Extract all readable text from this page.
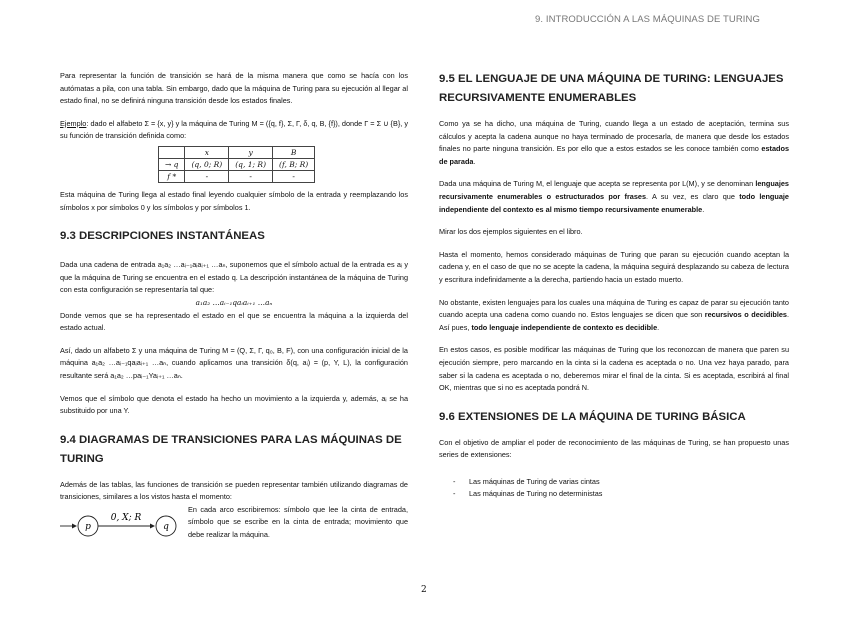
9. INTRODUCCIÓN A LAS MÁQUINAS DE TURING

Para representar la función de transición se hará de la misma manera que como se hacía con los autómatas a pila, con una tabla. Sin embargo, dado que la máquina de Turing para su ejecución al llegar al estado final, no se definirá ninguna transición desde los estados finales.

Ejemplo: dado el alfabeto Σ = {x, y} y la máquina de Turing M = ({q, f}, Σ, Γ, δ, q, B, {f}), donde Γ = Σ ∪ {B}, y su función de transición definida como:

	x	y	B
→ q	(q, 0; R)	(q, 1; R)	(f, B; R)
f *	-	-	-

Esta máquina de Turing llega al estado final leyendo cualquier símbolo de la entrada y reemplazando los símbolos x por símbolos 0 y los símbolos y por símbolos 1.

9.3 DESCRIPCIONES INSTANTÁNEAS

Dada una cadena de entrada a₁a₂ …aᵢ₋₁aᵢaᵢ₊₁ …aₙ, suponemos que el símbolo actual de la entrada es aᵢ y que la máquina de Turing se encuentra en el estado q. La descripción instantánea de la máquina de Turing con esta configuración se representaría tal que:

a₁a₂ …aᵢ₋₁qaᵢaᵢ₊₁ …aₙ

Donde vemos que se ha representado el estado en el que se encuentra la máquina a la izquierda del estado actual.

Así, dado un alfabeto Σ y una máquina de Turing M = (Q, Σ, Γ, q₀, B, F), con una configuración inicial de la máquina a₁a₂ …aᵢ₋₁qaᵢaᵢ₊₁ …aₙ, cuando aplicamos una transición δ(q, aᵢ) = (p, Y, L), la configuración resultante será a₁a₂ …paᵢ₋₁Yaᵢ₊₁ …aₙ.

Vemos que el símbolo que denota el estado ha hecho un movimiento a la izquierda y, además, aᵢ se ha substituido por una Y.

9.4 DIAGRAMAS DE TRANSICIONES PARA LAS MÁQUINAS DE TURING

Además de las tablas, las funciones de transición se pueden representar también utilizando diagramas de transiciones, similares a los vistos hasta el momento:

p
0, X; R
q

En cada arco escribiremos: símbolo que lee la cinta de entrada, símbolo que se escribe en la cinta de entrada; movimiento que debe realizar la máquina.

9.5 EL LENGUAJE DE UNA MÁQUINA DE TURING: LENGUAJES RECURSIVAMENTE ENUMERABLES

Como ya se ha dicho, una máquina de Turing, cuando llega a un estado de aceptación, termina sus cálculos y acepta la cadena aunque no haya terminado de procesarla, de manera que desde los estados finales no parte ninguna transición. Es por ello que a estos estados se les conoce también como estados de parada.

Dada una máquina de Turing M, el lenguaje que acepta se representa por L(M), y se denominan lenguajes recursivamente enumerables o estructurados por frases. A su vez, es claro que todo lenguaje independiente del contexto es al mismo tiempo recursivamente enumerable.

Mirar los dos ejemplos siguientes en el libro.

Hasta el momento, hemos considerado máquinas de Turing que paran su ejecución cuando aceptan la cadena y, en el caso de que no se acepte la cadena, la máquina seguirá desplazando su cabeza de lectura y escritura indefinidamente a la derecha, partiendo hacia un estado muerto.

No obstante, existen lenguajes para los cuales una máquina de Turing es capaz de parar su ejecución tanto cuando acepta una cadena como cuando no. Estos lenguajes se dicen que son recursivos o decidibles. Así pues, todo lenguaje independiente de contexto es decidible.

En estos casos, es posible modificar las máquinas de Turing que los reconozcan de manera que paren su ejecución siempre, pero marcando en la cinta si la cadena es aceptada o no. Una vez haya parado, para saber si la cadena es aceptada o no, deberemos mirar el final de la cinta. Si es aceptada, escribirá al final OK, mientras que si no es aceptada pondrá N.

9.6 EXTENSIONES DE LA MÁQUINA DE TURING BÁSICA

Con el objetivo de ampliar el poder de reconocimiento de las máquinas de Turing, se han propuesto unas series de extensiones:

- Las máquinas de Turing de varias cintas
- Las máquinas de Turing no deterministas
2
